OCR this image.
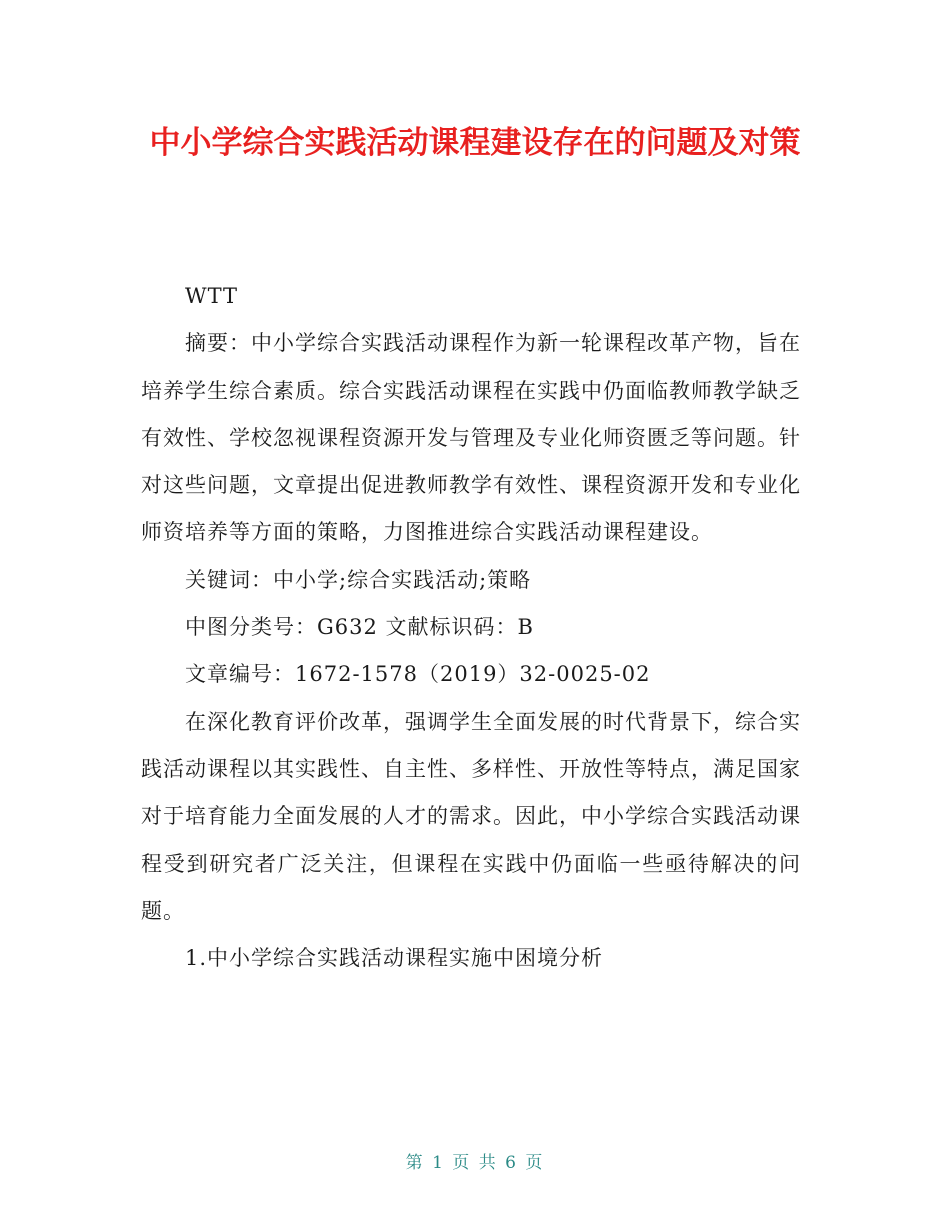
中小学综合实践活动课程建设存在的问题及对策

WTT

摘要：中小学综合实践活动课程作为新一轮课程改革产物，旨在培养学生综合素质。综合实践活动课程在实践中仍面临教师教学缺乏有效性、学校忽视课程资源开发与管理及专业化师资匮乏等问题。针对这些问题，文章提出促进教师教学有效性、课程资源开发和专业化师资培养等方面的策略，力图推进综合实践活动课程建设。

关键词：中小学;综合实践活动;策略

中图分类号：G632 文献标识码：B

文章编号：1672-1578（2019）32-0025-02

在深化教育评价改革，强调学生全面发展的时代背景下，综合实践活动课程以其实践性、自主性、多样性、开放性等特点，满足国家对于培育能力全面发展的人才的需求。因此，中小学综合实践活动课程受到研究者广泛关注，但课程在实践中仍面临一些亟待解决的问题。

1.中小学综合实践活动课程实施中困境分析

第 1 页 共 6 页
